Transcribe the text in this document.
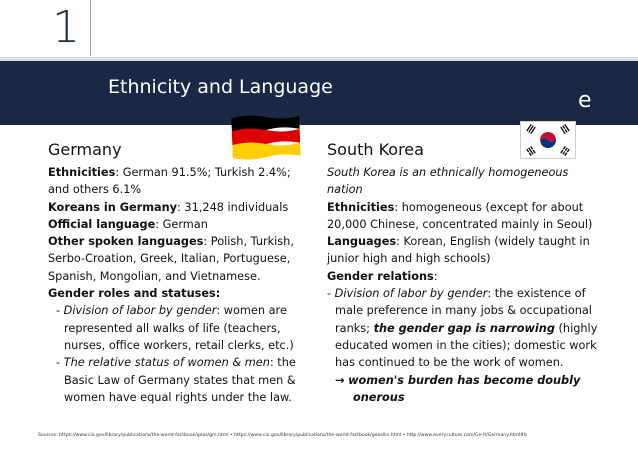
1
Ethnicity and Language
e
Germany
Ethnicities: German 91.5%; Turkish 2.4%;
and others 6.1%
Koreans in Germany: 31,248 individuals
Official language: German
Other spoken languages: Polish, Turkish,
Serbo-Croation, Greek, Italian, Portuguese,
Spanish, Mongolian, and Vietnamese.
Gender roles and statuses:
- Division of labor by gender: women are
represented all walks of life (teachers,
nurses, office workers, retail clerks, etc.)
- The relative status of women & men: the
Basic Law of Germany states that men &
women have equal rights under the law.
South Korea
South Korea is an ethnically homogeneous
nation
Ethnicities: homogeneous (except for about
20,000 Chinese, concentrated mainly in Seoul)
Languages: Korean, English (widely taught in
junior high and high schools)
Gender relations:
- Division of labor by gender: the existence of
male preference in many jobs & occupational
ranks; the gender gap is narrowing (highly
educated women in the cities); domestic work
has continued to be the work of women.
→ women's burden has become doubly
onerous
Sources: https://www.cia.gov/library/publications/the-world-factbook/geos/gm.html • https://www.cia.gov/library/publications/the-world-factbook/geos/ks.html • http://www.everyculture.com/Ge-It/Germany.html#b
